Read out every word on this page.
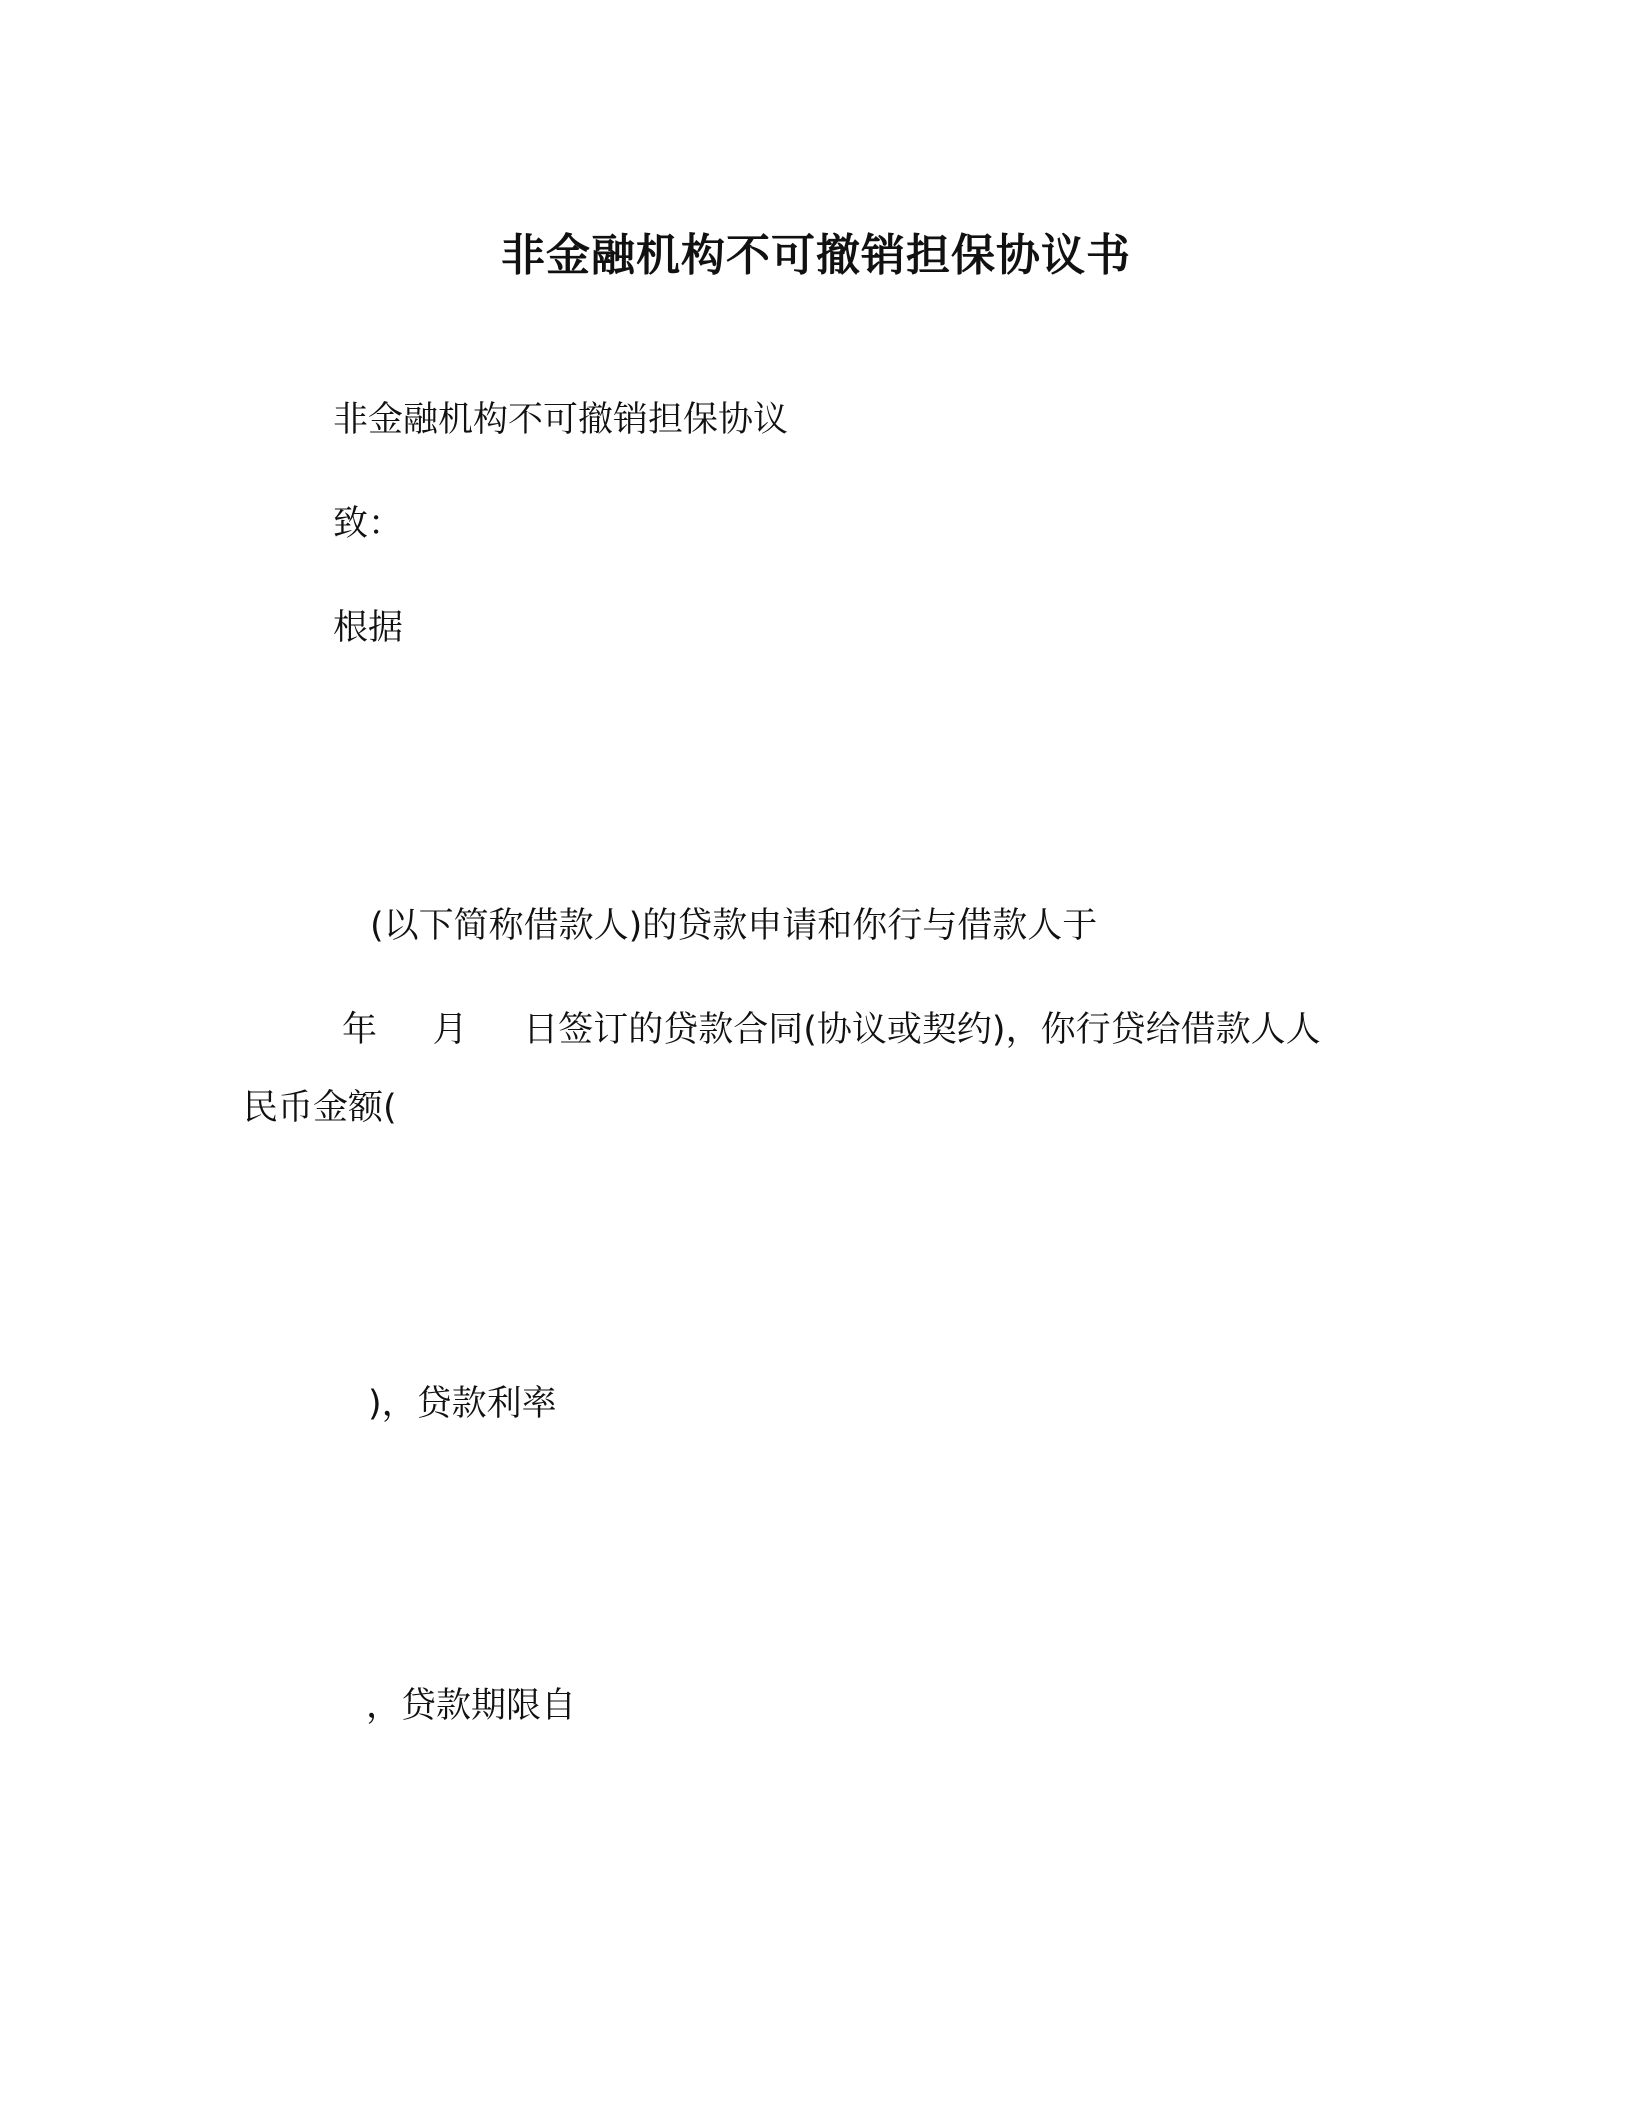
非金融机构不可撤销担保协议书
非金融机构不可撤销担保协议
致：
根据
(以下简称借款人)的贷款申请和你行与借款人于
年     月     日签订的贷款合同(协议或契约)，你行贷给借款人人
民币金额(
)，贷款利率
，贷款期限自
